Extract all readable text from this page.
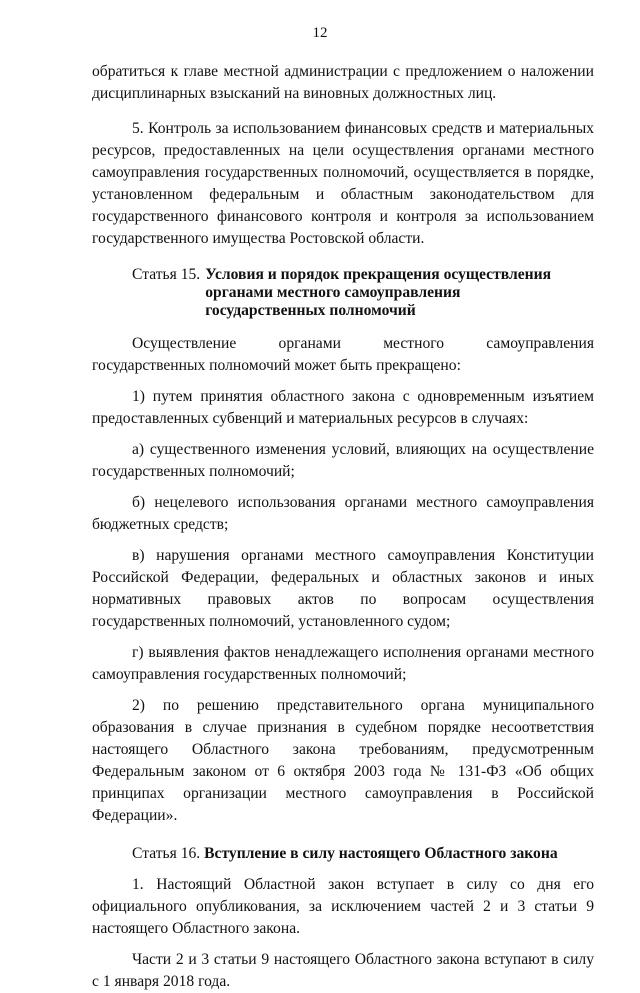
12

обратиться к главе местной администрации с предложением о наложении дисциплинарных взысканий на виновных должностных лиц.

5. Контроль за использованием финансовых средств и материальных ресурсов, предоставленных на цели осуществления органами местного самоуправления государственных полномочий, осуществляется в порядке, установленном федеральным и областным законодательством для государственного финансового контроля и контроля за использованием государственного имущества Ростовской области.

Статья 15. Условия и порядок прекращения осуществления органами местного самоуправления государственных полномочий

Осуществление органами местного самоуправления государственных полномочий может быть прекращено:

1) путем принятия областного закона с одновременным изъятием предоставленных субвенций и материальных ресурсов в случаях:

а) существенного изменения условий, влияющих на осуществление государственных полномочий;

б) нецелевого использования органами местного самоуправления бюджетных средств;

в) нарушения органами местного самоуправления Конституции Российской Федерации, федеральных и областных законов и иных нормативных правовых актов по вопросам осуществления государственных полномочий, установленного судом;

г) выявления фактов ненадлежащего исполнения органами местного самоуправления государственных полномочий;

2) по решению представительного органа муниципального образования в случае признания в судебном порядке несоответствия настоящего Областного закона требованиям, предусмотренным Федеральным законом от 6 октября 2003 года № 131-ФЗ «Об общих принципах организации местного самоуправления в Российской Федерации».

Статья 16. Вступление в силу настоящего Областного закона

1. Настоящий Областной закон вступает в силу со дня его официального опубликования, за исключением частей 2 и 3 статьи 9 настоящего Областного закона.

Части 2 и 3 статьи 9 настоящего Областного закона вступают в силу с 1 января 2018 года.
